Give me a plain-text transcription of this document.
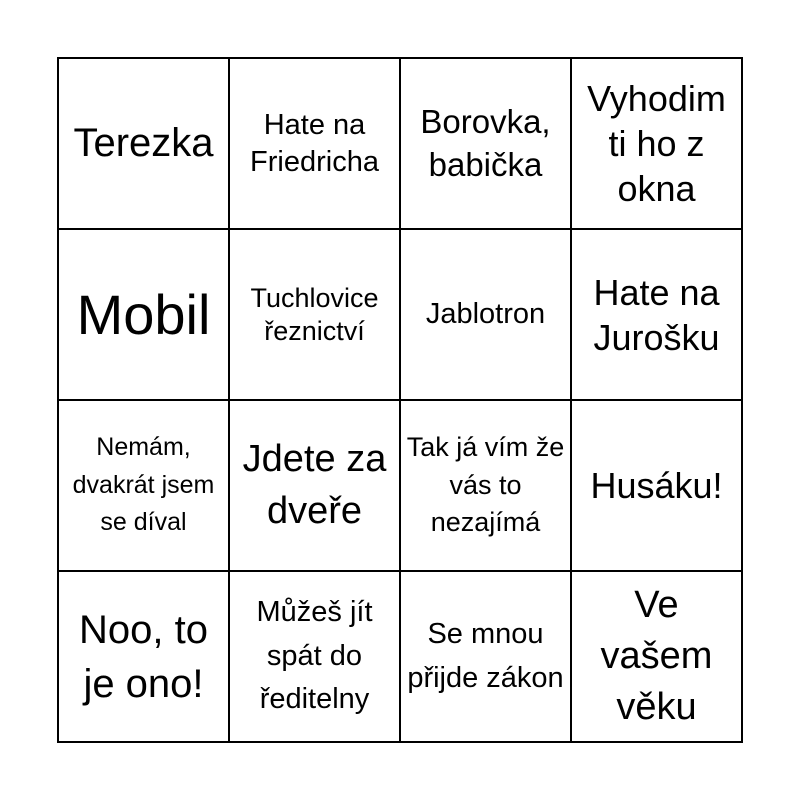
Terezka	Hate na Friedricha
Borovka, babička
Vyhodim ti ho z okna
Mobil	Tuchlovice řeznictví
Jablotron
Hate na Jurošku
Nemám, dvakrát jsem se díval
Jdete za dveře
Tak já vím že vás to nezajímá
Husáku!
Noo, to je ono!
Můžeš jít spát do ředitelny
Se mnou přijde zákon
Ve vašem věku
